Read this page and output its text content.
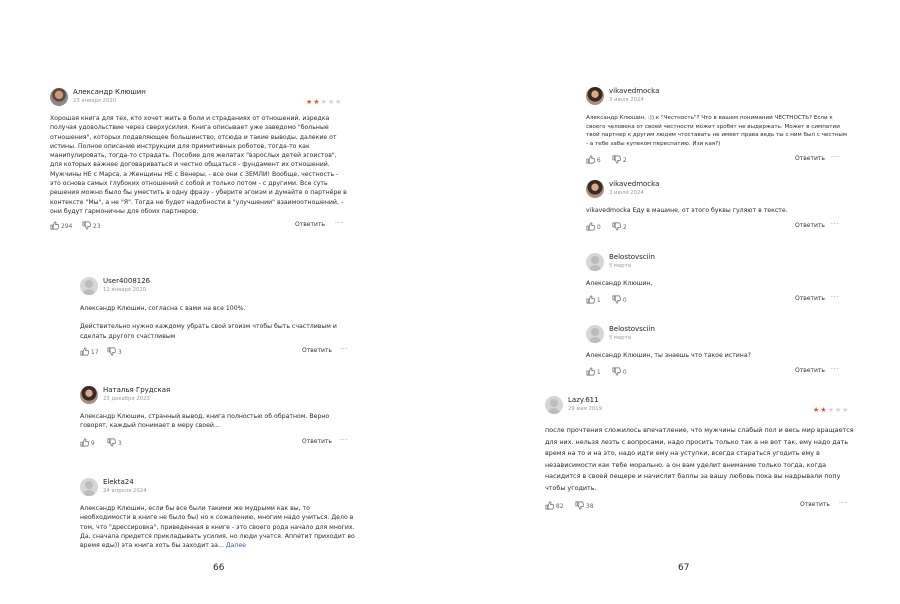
Александр Клюшин
23 января 2020	★★★★★

Хорошая книга для тех, кто хочет жить в боли и страданиях от отношений, изредка получая удовольствие через сверхусилия. Книга описывает уже заведомо "больные отношения", которых подавляющее большинство, отсюда и такие выводы, далекие от истины. Полное описание инструкции для примитивных роботов, тогда-то как манипулировать, тогда-то страдать. Пособие для желатах "взрослых детей эгоистов", для которых важнее договариваться и честно общаться - фундамент их отношений.

Мужчины НЕ с Марса, а Женщины НЕ с Венеры, - все они с ЗЕМЛИ! Вообще, честность - это основа самых глубоких отношений с собой и только потом - с другими. Все суть решения можно было бы уместить в одну фразу - уберите эгоизм и думайте о партнёре в контексте "Мы", а не "Я". Тогда не будет надобности в "улучшении" взаимоотношений, - они будут гармоничны для обоих партнеров.

294	23	Ответить ···
User4008126
12 января 2020

Александр Клюшин, согласна с вами на все 100%.

Действительно нужно каждому убрать свой эгоизм чтобы быть счастливым и сделать другого счастливым

17	3	Ответить ···
Наталья Грудская
23 декабря 2023

Александр Клюшин, странный вывод, книга полностью об обратном. Верно говорят, каждый понимает в меру своей...

9	3	Ответить ···
Elekta24
24 апреля 2024

Александр Клюшин, если бы все были такими же мудрыми как вы, то необходимости в книге не было бы) но к сожалению, многим надо учиться. Дело в том, что "дрессировка", приведенная в книге - это своего рода начало для многих. Да, сначала придется прикладывать усилия, но люди учатся. Аппетит приходит во время еды)) эта книга хоть бы заходит за... Далее

66
vikavedmocka
3 июля 2024

Александр Клюшин, :)) к "Честность"? Что в вашем понимании ЧЕСТНОСТЬ? Если к своего человека от своей честности может зробят не выдержать. Может в симпатии твой партнер к другим людям чтоставать не имеет права ведь ты с ним был с честным - а тебе забы купеком переспатию. Изи кая?)

6	2	Ответить ···
vikavedmocka
3 июля 2024

vikavedmocka Еду в машине, от этого буквы гуляют в тексте.

0	2	Ответить ···
Belostovsсiin
5 марта

Александр Клюшин,

1	0	Ответить ···
Belostovsсiin
5 марта

Александр Клюшин, ты знаешь что такое истина?

1	0	Ответить ···
Lazy.611
29 мая 2019	★★★★★

после прочтения сложилось впечатление, что мужчины слабый пол и весь мир вращается для них. нельзя лезть с вопросами, надо просить только так а не вот так, ему надо дать время на то и на это, надо идти ему на уступки, всегда стараться угодить ему в независимости как тебе морально. а он вам уделит внимание только тогда, когда насидится в своей пещере и начислит баллы за вашу любовь пока вы надрывали попу чтобы угодить.

82	38	Ответить ···
67
